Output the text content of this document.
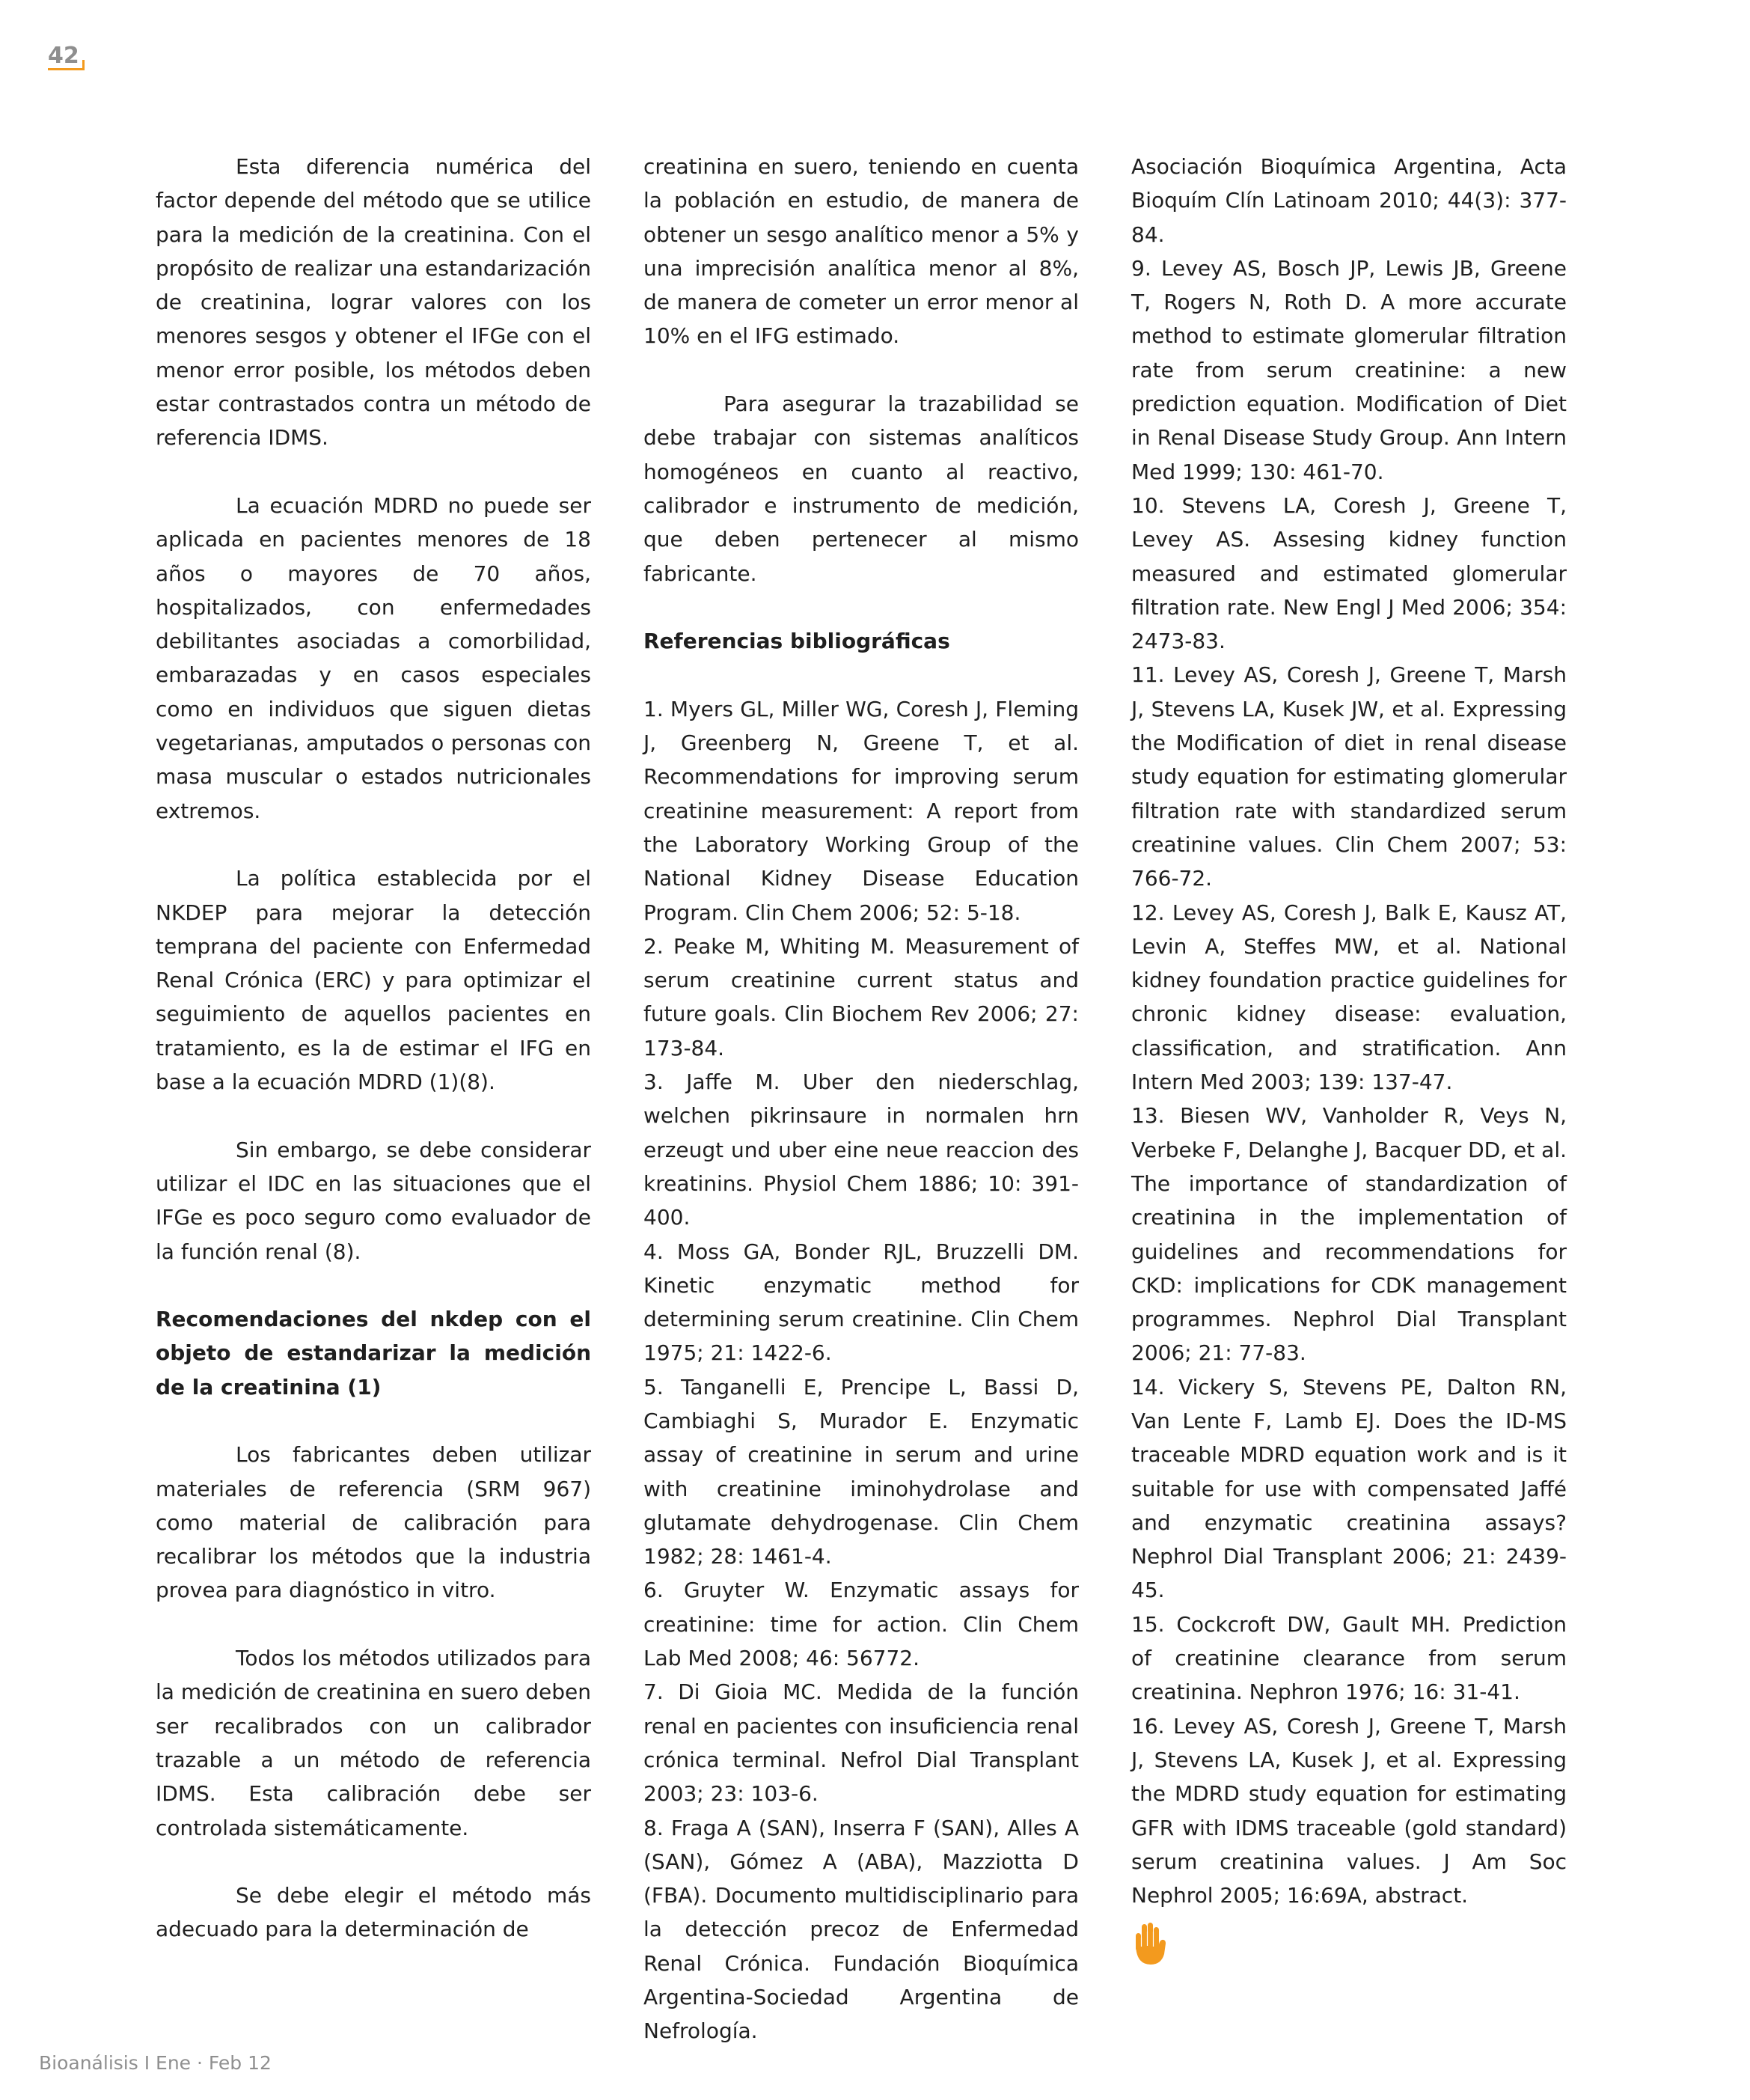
42

Esta diferencia numérica del factor depende del método que se utilice para la medición de la creatinina. Con el propósito de realizar una estandarización de creatinina, lograr valores con los menores sesgos y obtener el IFGe con el menor error posible, los métodos deben estar contrastados contra un método de referencia IDMS.

La ecuación MDRD no puede ser aplicada en pacientes menores de 18 años o mayores de 70 años, hospitalizados, con enfermedades debilitantes asociadas a comorbilidad, embarazadas y en casos especiales como en individuos que siguen dietas vegetarianas, amputados o personas con masa muscular o estados nutricionales extremos.

La política establecida por el NKDEP para mejorar la detección temprana del paciente con Enfermedad Renal Crónica (ERC) y para optimizar el seguimiento de aquellos pacientes en tratamiento, es la de estimar el IFG en base a la ecuación MDRD (1)(8).

Sin embargo, se debe considerar utilizar el IDC en las situaciones que el IFGe es poco seguro como evaluador de la función renal (8).

Recomendaciones del nkdep con el objeto de estandarizar la medición de la creatinina (1)

Los fabricantes deben utilizar materiales de referencia (SRM 967) como material de calibración para recalibrar los métodos que la industria provea para diagnóstico in vitro.

Todos los métodos utilizados para la medición de creatinina en suero deben ser recalibrados con un calibrador trazable a un método de referencia IDMS. Esta calibración debe ser controlada sistemáticamente.

Se debe elegir el método más adecuado para la determinación de

creatinina en suero, teniendo en cuenta la población en estudio, de manera de obtener un sesgo analítico menor a 5% y una imprecisión analítica menor al 8%, de manera de cometer un error menor al 10% en el IFG estimado.

Para asegurar la trazabilidad se debe trabajar con sistemas analíticos homogéneos en cuanto al reactivo, calibrador e instrumento de medición, que deben pertenecer al mismo fabricante.

Referencias bibliográficas

1. Myers GL, Miller WG, Coresh J, Fleming J, Greenberg N, Greene T, et al. Recommendations for improving serum creatinine measurement: A report from the Laboratory Working Group of the National Kidney Disease Education Program. Clin Chem 2006; 52: 5-18.

2. Peake M, Whiting M. Measurement of serum creatinine current status and future goals. Clin Biochem Rev 2006; 27: 173-84.

3. Jaffe M. Uber den niederschlag, welchen pikrinsaure in normalen hrn erzeugt und uber eine neue reaccion des kreatinins. Physiol Chem 1886; 10: 391-400.

4. Moss GA, Bonder RJL, Bruzzelli DM. Kinetic enzymatic method for determining serum creatinine. Clin Chem 1975; 21: 1422-6.

5. Tanganelli E, Prencipe L, Bassi D, Cambiaghi S, Murador E. Enzymatic assay of creatinine in serum and urine with creatinine iminohydrolase and glutamate dehydrogenase. Clin Chem 1982; 28: 1461-4.

6. Gruyter W. Enzymatic assays for creatinine: time for action. Clin Chem Lab Med 2008; 46: 56772.

7. Di Gioia MC. Medida de la función renal en pacientes con insuficiencia renal crónica terminal. Nefrol Dial Transplant 2003; 23: 103-6.

8. Fraga A (SAN), Inserra F (SAN), Alles A (SAN), Gómez A (ABA), Mazziotta D (FBA). Documento multidisciplinario para la detección precoz de Enfermedad Renal Crónica. Fundación Bioquímica Argentina-Sociedad Argentina de Nefrología.

Asociación Bioquímica Argentina, Acta Bioquím Clín Latinoam 2010; 44(3): 377-84.

9. Levey AS, Bosch JP, Lewis JB, Greene T, Rogers N, Roth D. A more accurate method to estimate glomerular filtration rate from serum creatinine: a new prediction equation. Modification of Diet in Renal Disease Study Group. Ann Intern Med 1999; 130: 461-70.

10. Stevens LA, Coresh J, Greene T, Levey AS. Assesing kidney function measured and estimated glomerular filtration rate. New Engl J Med 2006; 354: 2473-83.

11. Levey AS, Coresh J, Greene T, Marsh J, Stevens LA, Kusek JW, et al. Expressing the Modification of diet in renal disease study equation for estimating glomerular filtration rate with standardized serum creatinine values. Clin Chem 2007; 53: 766-72.

12. Levey AS, Coresh J, Balk E, Kausz AT, Levin A, Steffes MW, et al. National kidney foundation practice guidelines for chronic kidney disease: evaluation, classification, and stratification. Ann Intern Med 2003; 139: 137-47.

13. Biesen WV, Vanholder R, Veys N, Verbeke F, Delanghe J, Bacquer DD, et al. The importance of standardization of creatinina in the implementation of guidelines and recommendations for CKD: implications for CDK management programmes. Nephrol Dial Transplant 2006; 21: 77-83.

14. Vickery S, Stevens PE, Dalton RN, Van Lente F, Lamb EJ. Does the ID-MS traceable MDRD equation work and is it suitable for use with compensated Jaffé and enzymatic creatinina assays? Nephrol Dial Transplant 2006; 21: 2439-45.

15. Cockcroft DW, Gault MH. Prediction of creatinine clearance from serum creatinina. Nephron 1976; 16: 31-41.

16. Levey AS, Coresh J, Greene T, Marsh J, Stevens LA, Kusek J, et al. Expressing the MDRD study equation for estimating GFR with IDMS traceable (gold standard) serum creatinina values. J Am Soc Nephrol 2005; 16:69A, abstract.

Bioanálisis I Ene · Feb 12
